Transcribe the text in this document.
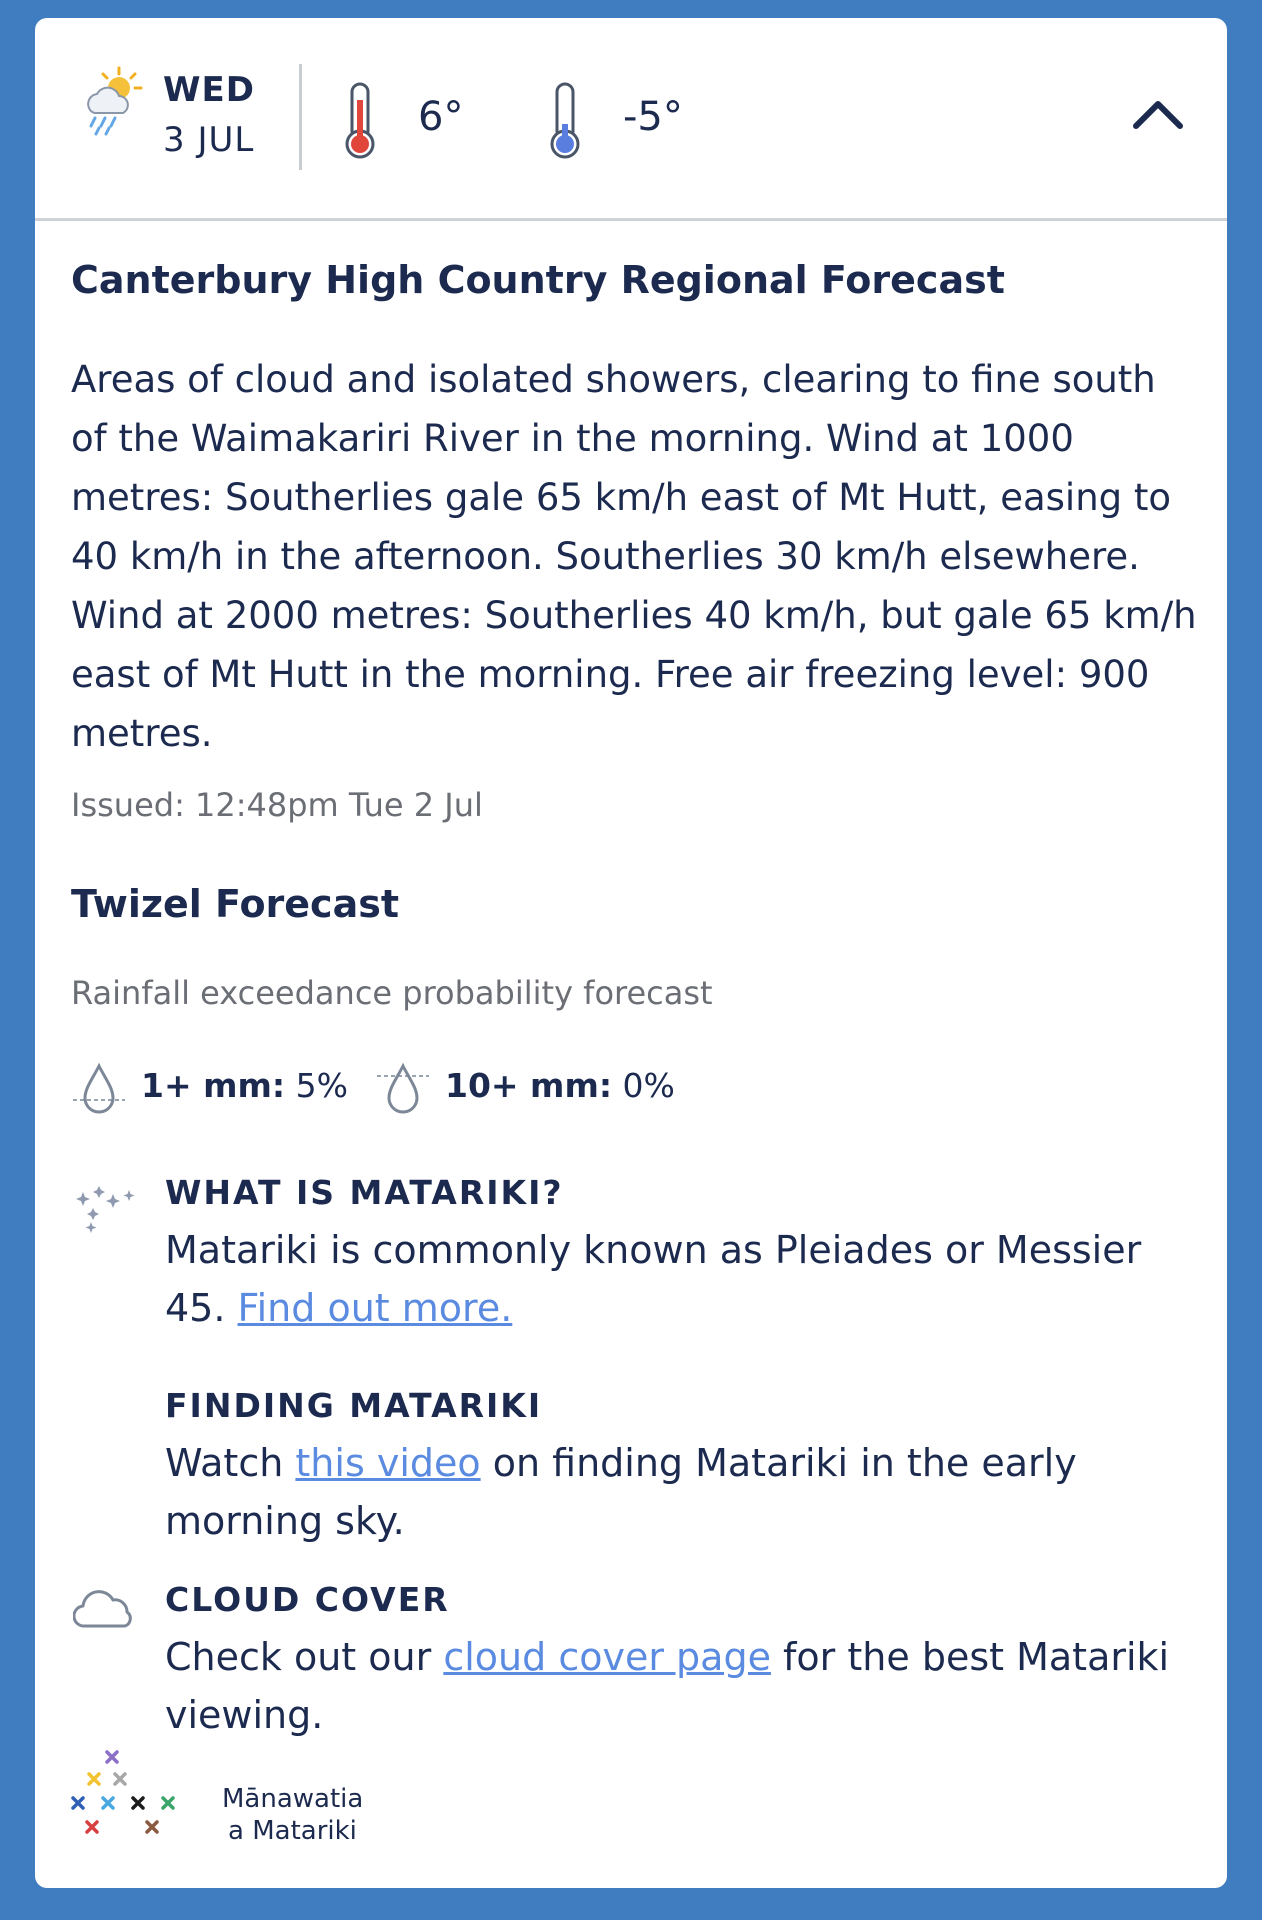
WED
3 JUL	6°	-5°
Canterbury High Country Regional Forecast
Areas of cloud and isolated showers, clearing to fine south of the Waimakariri River in the morning. Wind at 1000 metres: Southerlies gale 65 km/h east of Mt Hutt, easing to 40 km/h in the afternoon. Southerlies 30 km/h elsewhere. Wind at 2000 metres: Southerlies 40 km/h, but gale 65 km/h east of Mt Hutt in the morning. Free air freezing level: 900 metres.
Issued: 12:48pm Tue 2 Jul
Twizel Forecast
Rainfall exceedance probability forecast
1+ mm: 5%	10+ mm: 0%
WHAT IS MATARIKI?
Matariki is commonly known as Pleiades or Messier 45. Find out more.
FINDING MATARIKI
Watch this video on finding Matariki in the early morning sky.
CLOUD COVER
Check out our cloud cover page for the best Matariki viewing.
Mānawatia
a Matariki
